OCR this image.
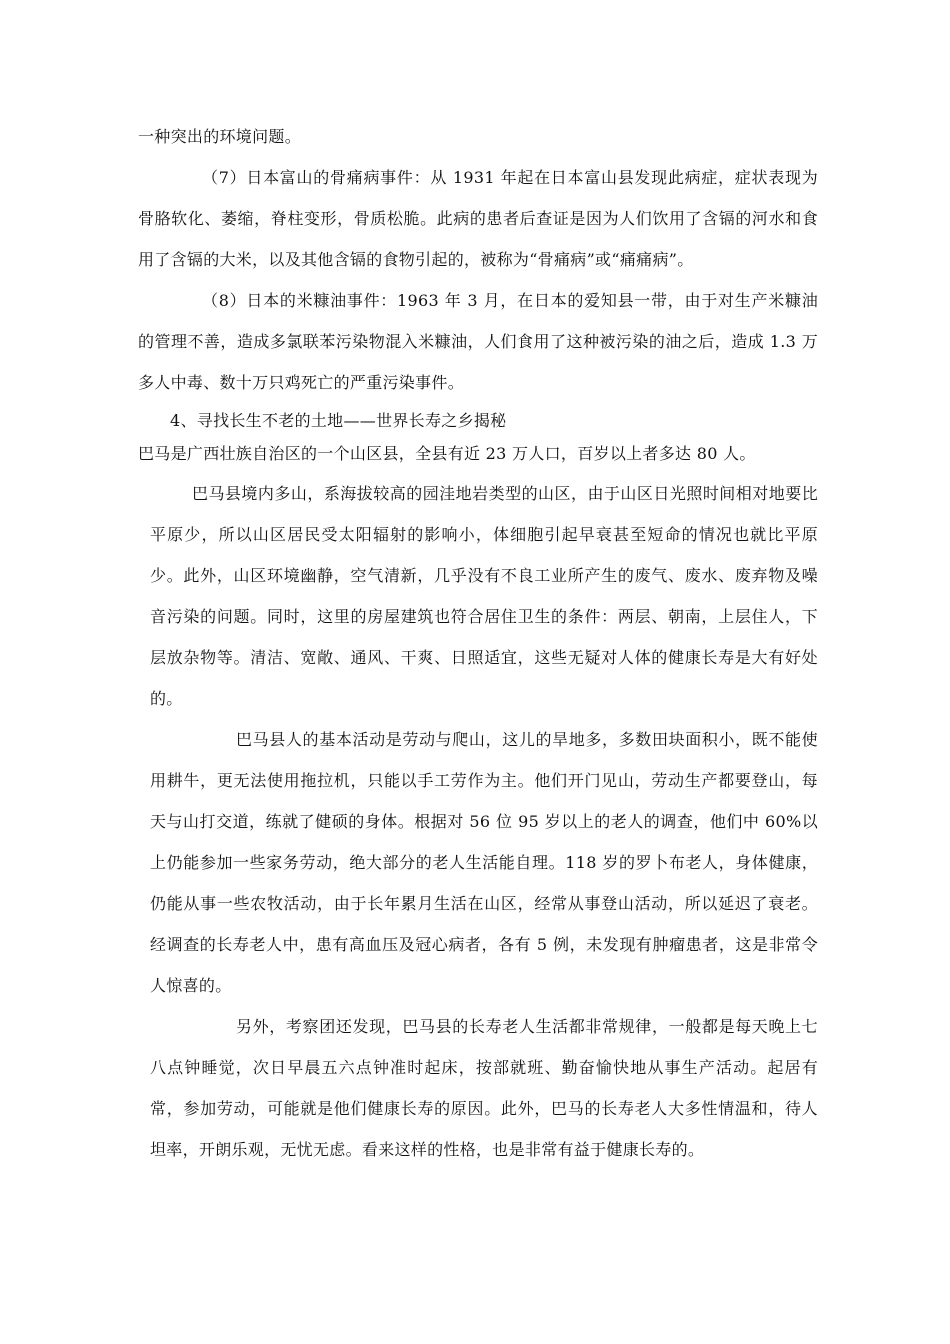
一种突出的环境问题。

（7）日本富山的骨痛病事件：从 1931 年起在日本富山县发现此病症，症状表现为骨胳软化、萎缩，脊柱变形，骨质松脆。此病的患者后查证是因为人们饮用了含镉的河水和食用了含镉的大米，以及其他含镉的食物引起的，被称为“骨痛病”或“痛痛病”。

（8）日本的米糠油事件：1963 年 3 月，在日本的爱知县一带，由于对生产米糠油的管理不善，造成多氯联苯污染物混入米糠油，人们食用了这种被污染的油之后，造成 1.3 万多人中毒、数十万只鸡死亡的严重污染事件。

4、寻找长生不老的土地——世界长寿之乡揭秘

巴马是广西壮族自治区的一个山区县，全县有近 23 万人口，百岁以上者多达 80 人。

巴马县境内多山，系海拔较高的园洼地岩类型的山区，由于山区日光照时间相对地要比平原少，所以山区居民受太阳辐射的影响小，体细胞引起早衰甚至短命的情况也就比平原少。此外，山区环境幽静，空气清新，几乎没有不良工业所产生的废气、废水、废弃物及噪音污染的问题。同时，这里的房屋建筑也符合居住卫生的条件：两层、朝南，上层住人，下层放杂物等。清洁、宽敞、通风、干爽、日照适宜，这些无疑对人体的健康长寿是大有好处的。

巴马县人的基本活动是劳动与爬山，这儿的旱地多，多数田块面积小，既不能使用耕牛，更无法使用拖拉机，只能以手工劳作为主。他们开门见山，劳动生产都要登山，每天与山打交道，练就了健硕的身体。根据对 56 位 95 岁以上的老人的调查，他们中 60%以上仍能参加一些家务劳动，绝大部分的老人生活能自理。118 岁的罗卜布老人，身体健康，仍能从事一些农牧活动，由于长年累月生活在山区，经常从事登山活动，所以延迟了衰老。经调查的长寿老人中，患有高血压及冠心病者，各有 5 例，未发现有肿瘤患者，这是非常令人惊喜的。

另外，考察团还发现，巴马县的长寿老人生活都非常规律，一般都是每天晚上七八点钟睡觉，次日早晨五六点钟准时起床，按部就班、勤奋愉快地从事生产活动。起居有常，参加劳动，可能就是他们健康长寿的原因。此外，巴马的长寿老人大多性情温和，待人坦率，开朗乐观，无忧无虑。看来这样的性格，也是非常有益于健康长寿的。
